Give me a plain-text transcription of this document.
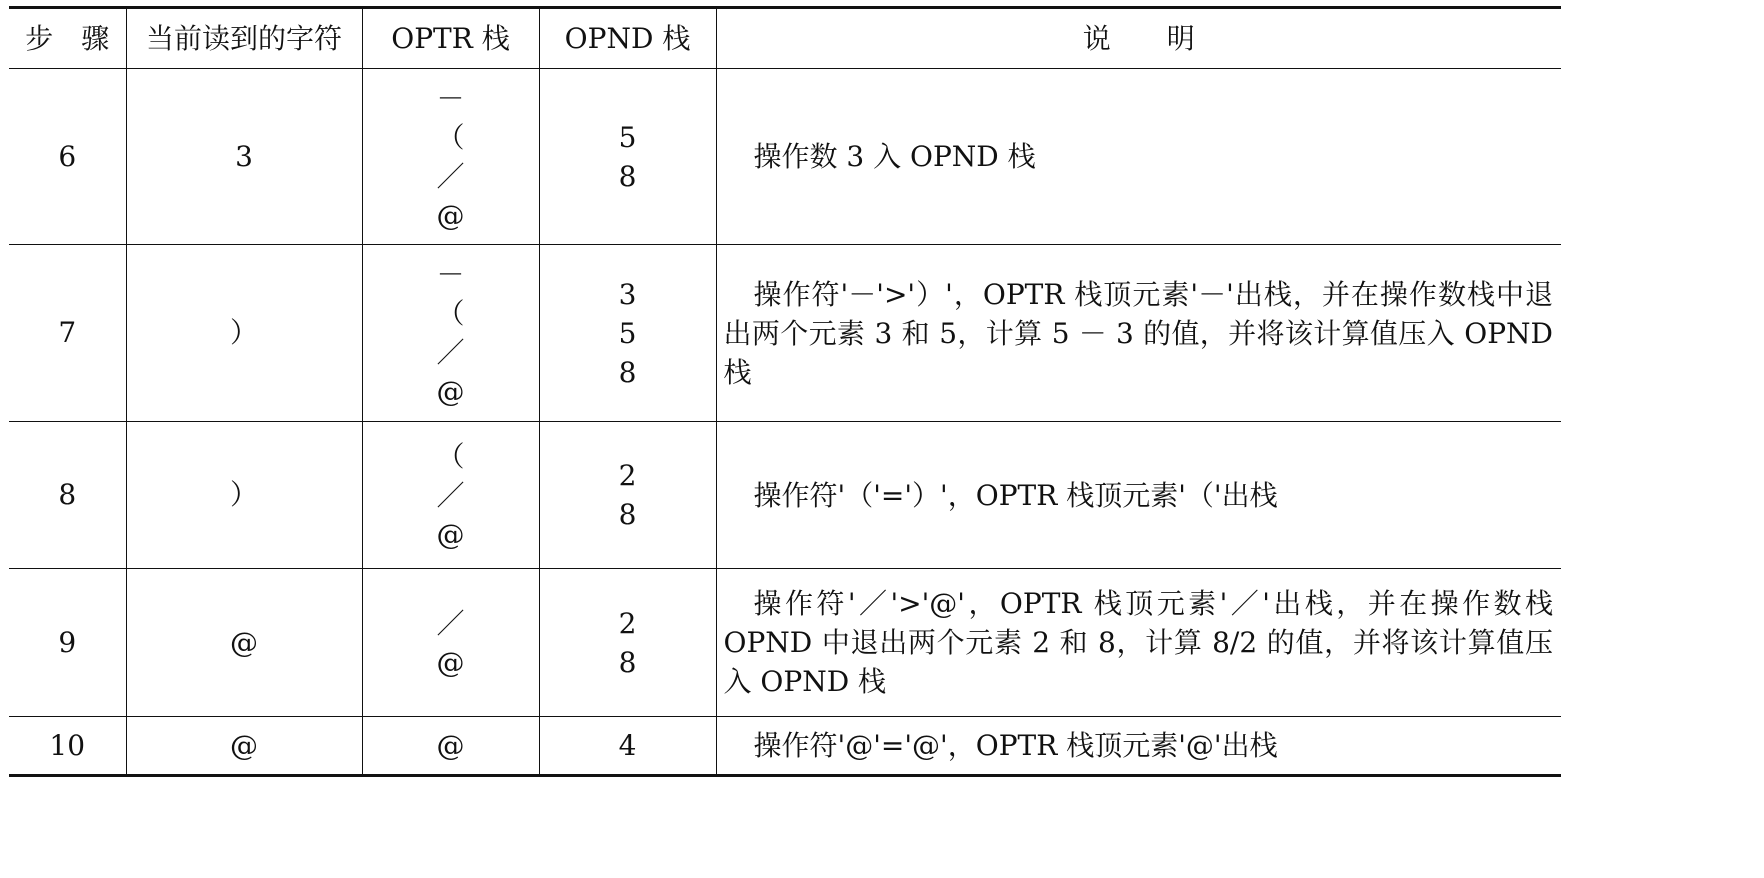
步　骤	当前读到的字符	OPTR 栈	OPND 栈	说　　明
6	3	－
（
／
@	5
8	操作数 3 入 OPND 栈

7	）	－
（
／
@	3
5
8	操作符'－'>'）'，OPTR 栈顶元素'－'出栈，并在操作数栈中退出两个元素 3 和 5，计算 5 － 3 的值，并将该计算值压入 OPND 栈

8	）	（
／
@	2
8	操作符'（'='）'，OPTR 栈顶元素'（'出栈

9	@	／
@	2
8	操作符'／'>'@'，OPTR 栈顶元素'／'出栈，并在操作数栈 OPND 中退出两个元素 2 和 8，计算 8/2 的值，并将该计算值压入 OPND 栈

10	@	@	4	操作符'@'='@'，OPTR 栈顶元素'@'出栈
